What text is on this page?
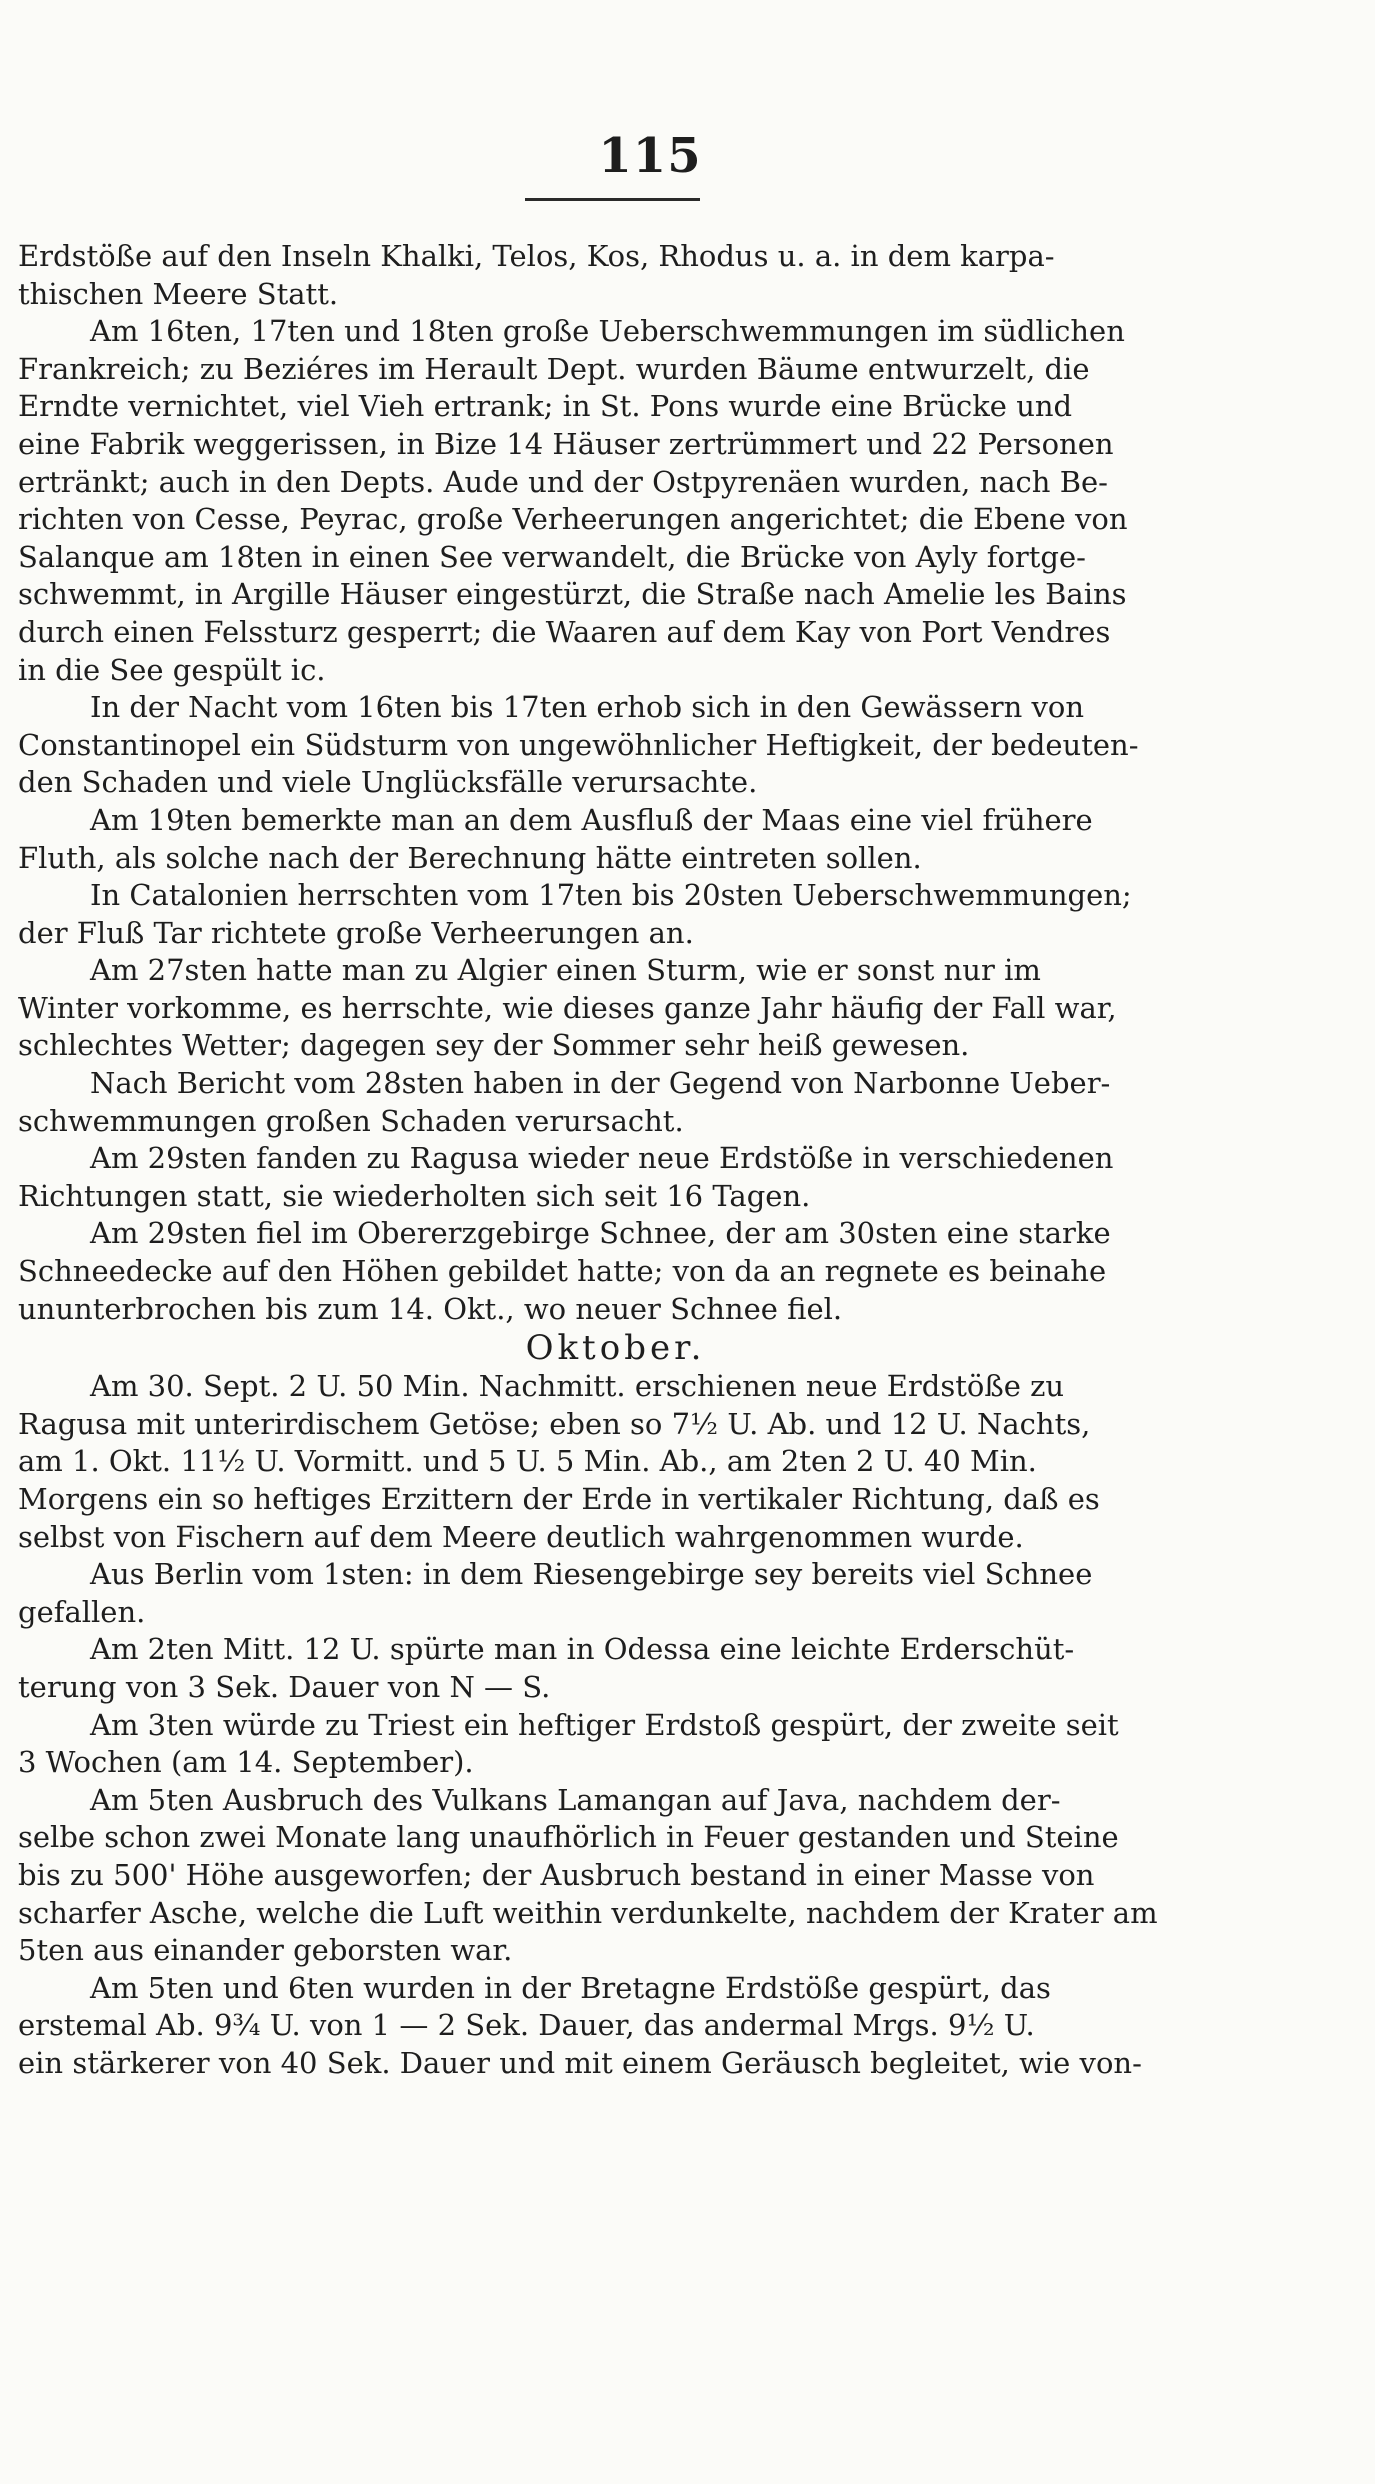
115
Erdstöße auf den Inseln Khalki, Telos, Kos, Rhodus u. a. in dem karpa-
thischen Meere Statt.
Am 16ten, 17ten und 18ten große Ueberschwemmungen im südlichen
Frankreich; zu Beziéres im Herault Dept. wurden Bäume entwurzelt, die
Erndte vernichtet, viel Vieh ertrank; in St. Pons wurde eine Brücke und
eine Fabrik weggerissen, in Bize 14 Häuser zertrümmert und 22 Personen
ertränkt; auch in den Depts. Aude und der Ostpyrenäen wurden, nach Be-
richten von Cesse, Peyrac, große Verheerungen angerichtet; die Ebene von
Salanque am 18ten in einen See verwandelt, die Brücke von Ayly fortge-
schwemmt, in Argille Häuser eingestürzt, die Straße nach Amelie les Bains
durch einen Felssturz gesperrt; die Waaren auf dem Kay von Port Vendres
in die See gespült ic.
In der Nacht vom 16ten bis 17ten erhob sich in den Gewässern von
Constantinopel ein Südsturm von ungewöhnlicher Heftigkeit, der bedeuten-
den Schaden und viele Unglücksfälle verursachte.
Am 19ten bemerkte man an dem Ausfluß der Maas eine viel frühere
Fluth, als solche nach der Berechnung hätte eintreten sollen.
In Catalonien herrschten vom 17ten bis 20sten Ueberschwemmungen;
der Fluß Tar richtete große Verheerungen an.
Am 27sten hatte man zu Algier einen Sturm, wie er sonst nur im
Winter vorkomme, es herrschte, wie dieses ganze Jahr häufig der Fall war,
schlechtes Wetter; dagegen sey der Sommer sehr heiß gewesen.
Nach Bericht vom 28sten haben in der Gegend von Narbonne Ueber-
schwemmungen großen Schaden verursacht.
Am 29sten fanden zu Ragusa wieder neue Erdstöße in verschiedenen
Richtungen statt, sie wiederholten sich seit 16 Tagen.
Am 29sten fiel im Obererzgebirge Schnee, der am 30sten eine starke
Schneedecke auf den Höhen gebildet hatte; von da an regnete es beinahe
ununterbrochen bis zum 14. Okt., wo neuer Schnee fiel.
Oktober.
Am 30. Sept. 2 U. 50 Min. Nachmitt. erschienen neue Erdstöße zu
Ragusa mit unterirdischem Getöse; eben so 7½ U. Ab. und 12 U. Nachts,
am 1. Okt. 11½ U. Vormitt. und 5 U. 5 Min. Ab., am 2ten 2 U. 40 Min.
Morgens ein so heftiges Erzittern der Erde in vertikaler Richtung, daß es
selbst von Fischern auf dem Meere deutlich wahrgenommen wurde.
Aus Berlin vom 1sten: in dem Riesengebirge sey bereits viel Schnee
gefallen.
Am 2ten Mitt. 12 U. spürte man in Odessa eine leichte Erderschüt-
terung von 3 Sek. Dauer von N — S.
Am 3ten würde zu Triest ein heftiger Erdstoß gespürt, der zweite seit
3 Wochen (am 14. September).
Am 5ten Ausbruch des Vulkans Lamangan auf Java, nachdem der-
selbe schon zwei Monate lang unaufhörlich in Feuer gestanden und Steine
bis zu 500' Höhe ausgeworfen; der Ausbruch bestand in einer Masse von
scharfer Asche, welche die Luft weithin verdunkelte, nachdem der Krater am
5ten aus einander geborsten war.
Am 5ten und 6ten wurden in der Bretagne Erdstöße gespürt, das
erstemal Ab. 9¾ U. von 1 — 2 Sek. Dauer, das andermal Mrgs. 9½ U.
ein stärkerer von 40 Sek. Dauer und mit einem Geräusch begleitet, wie von-
